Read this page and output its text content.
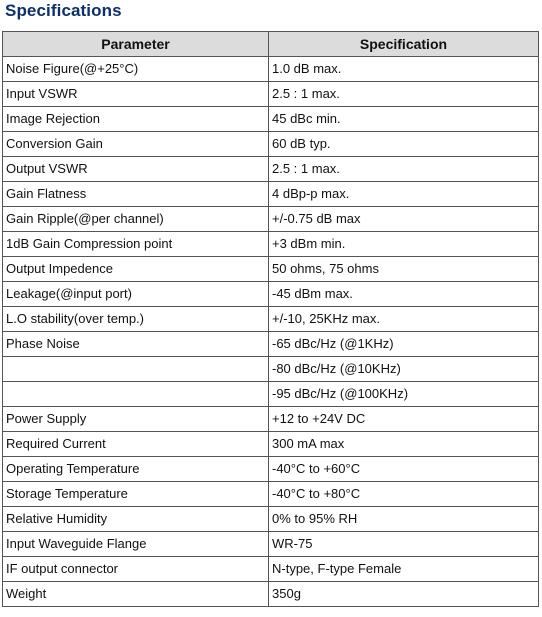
Specifications
Parameter	Specification
Noise Figure(@+25°C)	1.0 dB max.
Input VSWR	2.5 : 1 max.
Image Rejection	45 dBc min.
Conversion Gain	60 dB typ.
Output VSWR	2.5 : 1 max.
Gain Flatness	4 dBp-p max.
Gain Ripple(@per channel)	+/-0.75 dB max
1dB Gain Compression point	+3 dBm min.
Output Impedence	50 ohms, 75 ohms
Leakage(@input port)	-45 dBm max.
L.O stability(over temp.)	+/-10, 25KHz max.
Phase Noise	-65 dBc/Hz (@1KHz)
	-80 dBc/Hz (@10KHz)
	-95 dBc/Hz (@100KHz)
Power Supply	+12 to +24V DC
Required Current	300 mA max
Operating Temperature	-40°C to +60°C
Storage Temperature	-40°C to +80°C
Relative Humidity	0% to 95% RH
Input Waveguide Flange	WR-75
IF output connector	N-type, F-type Female
Weight	350g
